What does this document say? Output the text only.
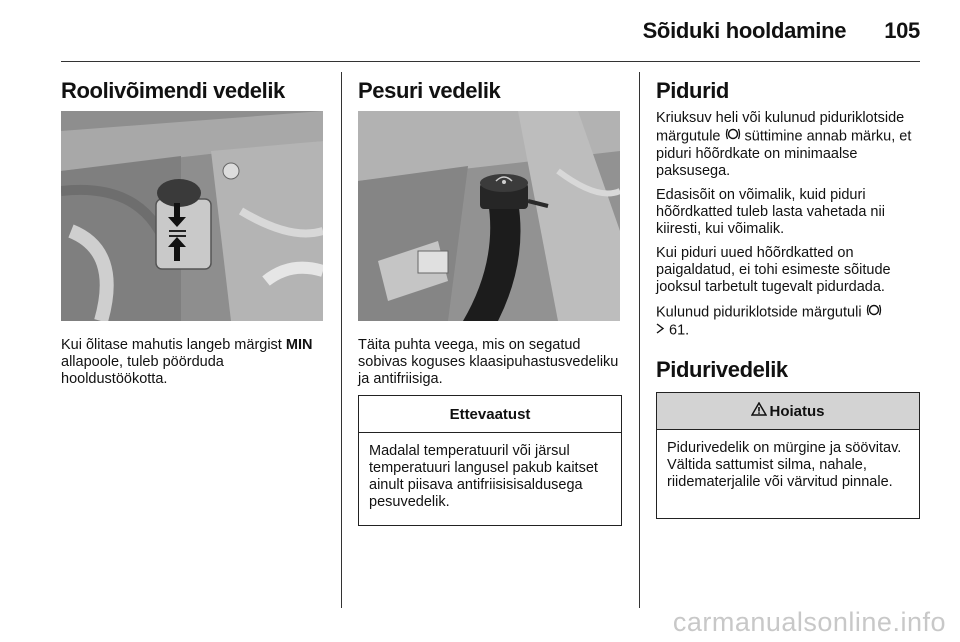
Sõiduki hooldamine 105
Roolivõimendi vedelik

Kui õlitase mahutis langeb märgist MIN allapoole, tuleb pöörduda hooldustöökotta.

Pesuri vedelik

Täita puhta veega, mis on segatud sobivas koguses klaasipuhastusvedeliku ja antifriisiga.

Ettevaatust
Madalal temperatuuril või järsul temperatuuri langusel pakub kaitset ainult piisava antifriisisisaldusega pesuvedelik.
Pidurid

Kriuksuv heli või kulunud piduriklotside märgutule  süttimine annab märku, et piduri hõõrdkate on minimaalse paksusega.

Edasisõit on võimalik, kuid piduri hõõrdkatted tuleb lasta vahetada nii kiiresti, kui võimalik.

Kui piduri uued hõõrdkatted on paigaldatud, ei tohi esimeste sõitude jooksul tarbetult tugevalt pidurdada.

Kulunud piduriklotside märgutuli
61.

Pidurivedelik
Hoiatus
Pidurivedelik on mürgine ja söövitav. Vältida sattumist silma, nahale, riidematerjalile või värvitud pinnale.
carmanualsonline.info
